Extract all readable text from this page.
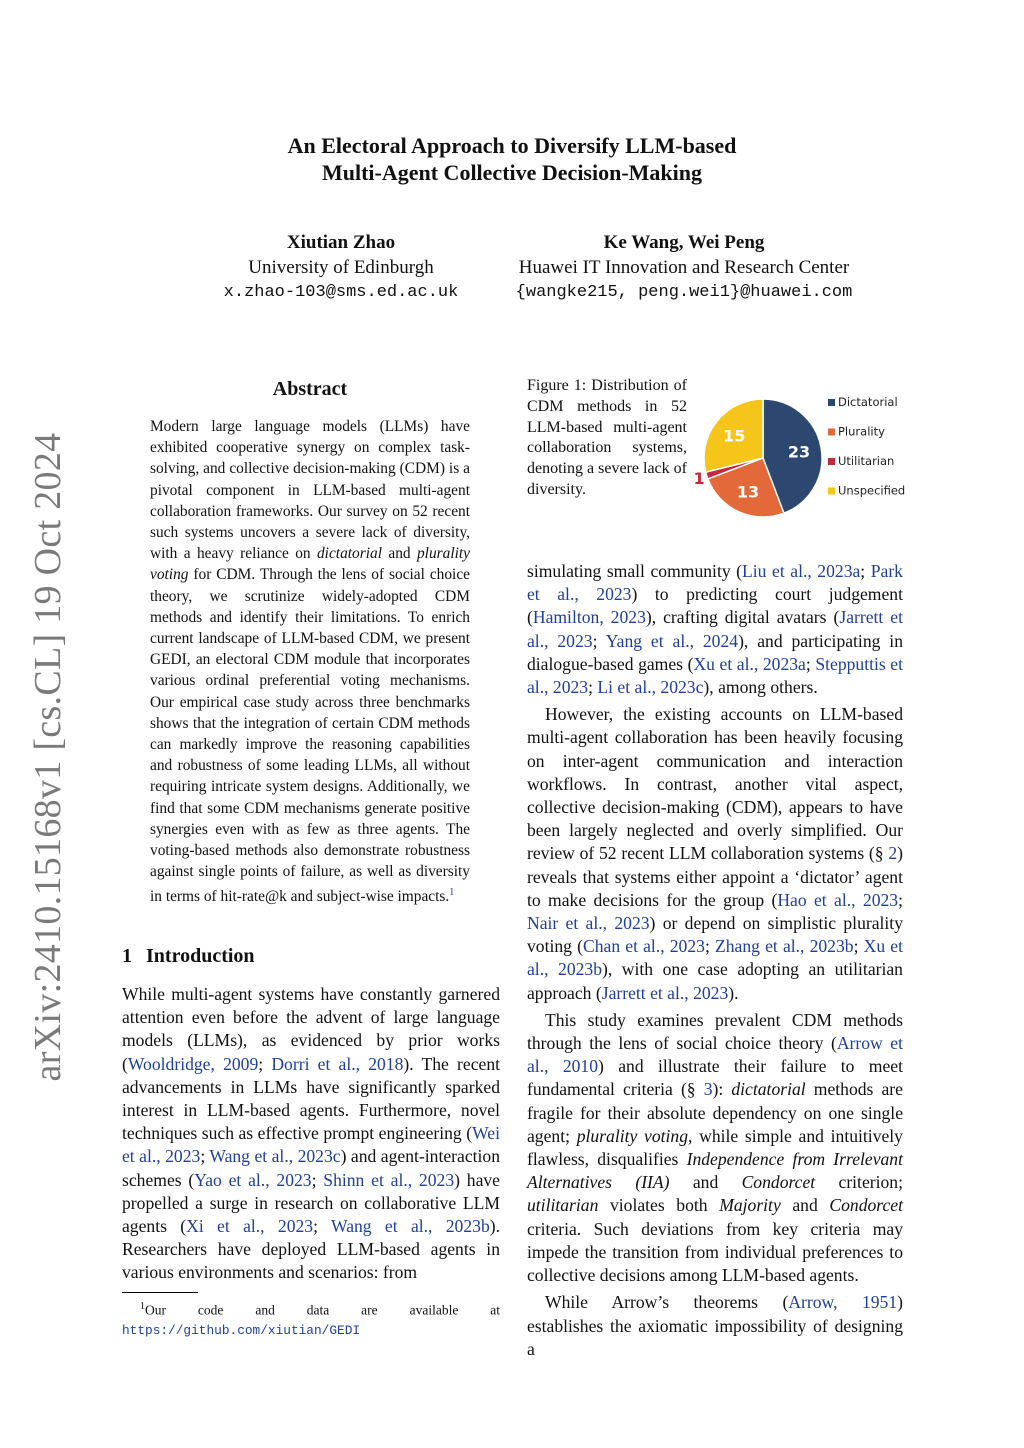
arXiv:2410.15168v1 [cs.CL] 19 Oct 2024
An Electoral Approach to Diversify LLM-based
Multi-Agent Collective Decision-Making
Xiutian Zhao
University of Edinburgh
x.zhao-103@sms.ed.ac.uk
Ke Wang, Wei Peng
Huawei IT Innovation and Research Center
{wangke215, peng.wei1}@huawei.com
Abstract
Modern large language models (LLMs) have exhibited cooperative synergy on complex task-solving, and collective decision-making (CDM) is a pivotal component in LLM-based multi-agent collaboration frameworks. Our survey on 52 recent such systems uncovers a severe lack of diversity, with a heavy reliance on dictatorial and plurality voting for CDM. Through the lens of social choice theory, we scrutinize widely-adopted CDM methods and identify their limitations. To enrich current landscape of LLM-based CDM, we present GEDI, an electoral CDM module that incorporates various ordinal preferential voting mechanisms. Our empirical case study across three benchmarks shows that the integration of certain CDM methods can markedly improve the reasoning capabilities and robustness of some leading LLMs, all without requiring intricate system designs. Additionally, we find that some CDM mechanisms generate positive synergies even with as few as three agents. The voting-based methods also demonstrate robustness against single points of failure, as well as diversity in terms of hit-rate@k and subject-wise impacts.$^1$
1 Introduction
While multi-agent systems have constantly garnered attention even before the advent of large language models (LLMs), as evidenced by prior works (Wooldridge, 2009; Dorri et al., 2018). The recent advancements in LLMs have significantly sparked interest in LLM-based agents. Furthermore, novel techniques such as effective prompt engineering (Wei et al., 2023; Wang et al., 2023c) and agent-interaction schemes (Yao et al., 2023; Shinn et al., 2023) have propelled a surge in research on collaborative LLM agents (Xi et al., 2023; Wang et al., 2023b). Researchers have deployed LLM-based agents in various environments and scenarios: from
$^1$Our code and data are available at https://github.com/xiutian/GEDI
Figure 1: Distribution of CDM methods in 52 LLM-based multi-agent collaboration systems, denoting a severe lack of diversity.
23
13
1
15
Dictatorial
Plurality
Utilitarian
Unspecified

simulating small community (Liu et al., 2023a; Park et al., 2023) to predicting court judgement (Hamilton, 2023), crafting digital avatars (Jarrett et al., 2023; Yang et al., 2024), and participating in dialogue-based games (Xu et al., 2023a; Stepputtis et al., 2023; Li et al., 2023c), among others.

However, the existing accounts on LLM-based multi-agent collaboration has been heavily focusing on inter-agent communication and interaction workflows. In contrast, another vital aspect, collective decision-making (CDM), appears to have been largely neglected and overly simplified. Our review of 52 recent LLM collaboration systems (§ 2) reveals that systems either appoint a ‘dictator’ agent to make decisions for the group (Hao et al., 2023; Nair et al., 2023) or depend on simplistic plurality voting (Chan et al., 2023; Zhang et al., 2023b; Xu et al., 2023b), with one case adopting an utilitarian approach (Jarrett et al., 2023).

This study examines prevalent CDM methods through the lens of social choice theory (Arrow et al., 2010) and illustrate their failure to meet fundamental criteria (§ 3): dictatorial methods are fragile for their absolute dependency on one single agent; plurality voting, while simple and intuitively flawless, disqualifies Independence from Irrelevant Alternatives (IIA) and Condorcet criterion; utilitarian violates both Majority and Condorcet criteria. Such deviations from key criteria may impede the transition from individual preferences to collective decisions among LLM-based agents.

While Arrow’s theorems (Arrow, 1951) establishes the axiomatic impossibility of designing a
